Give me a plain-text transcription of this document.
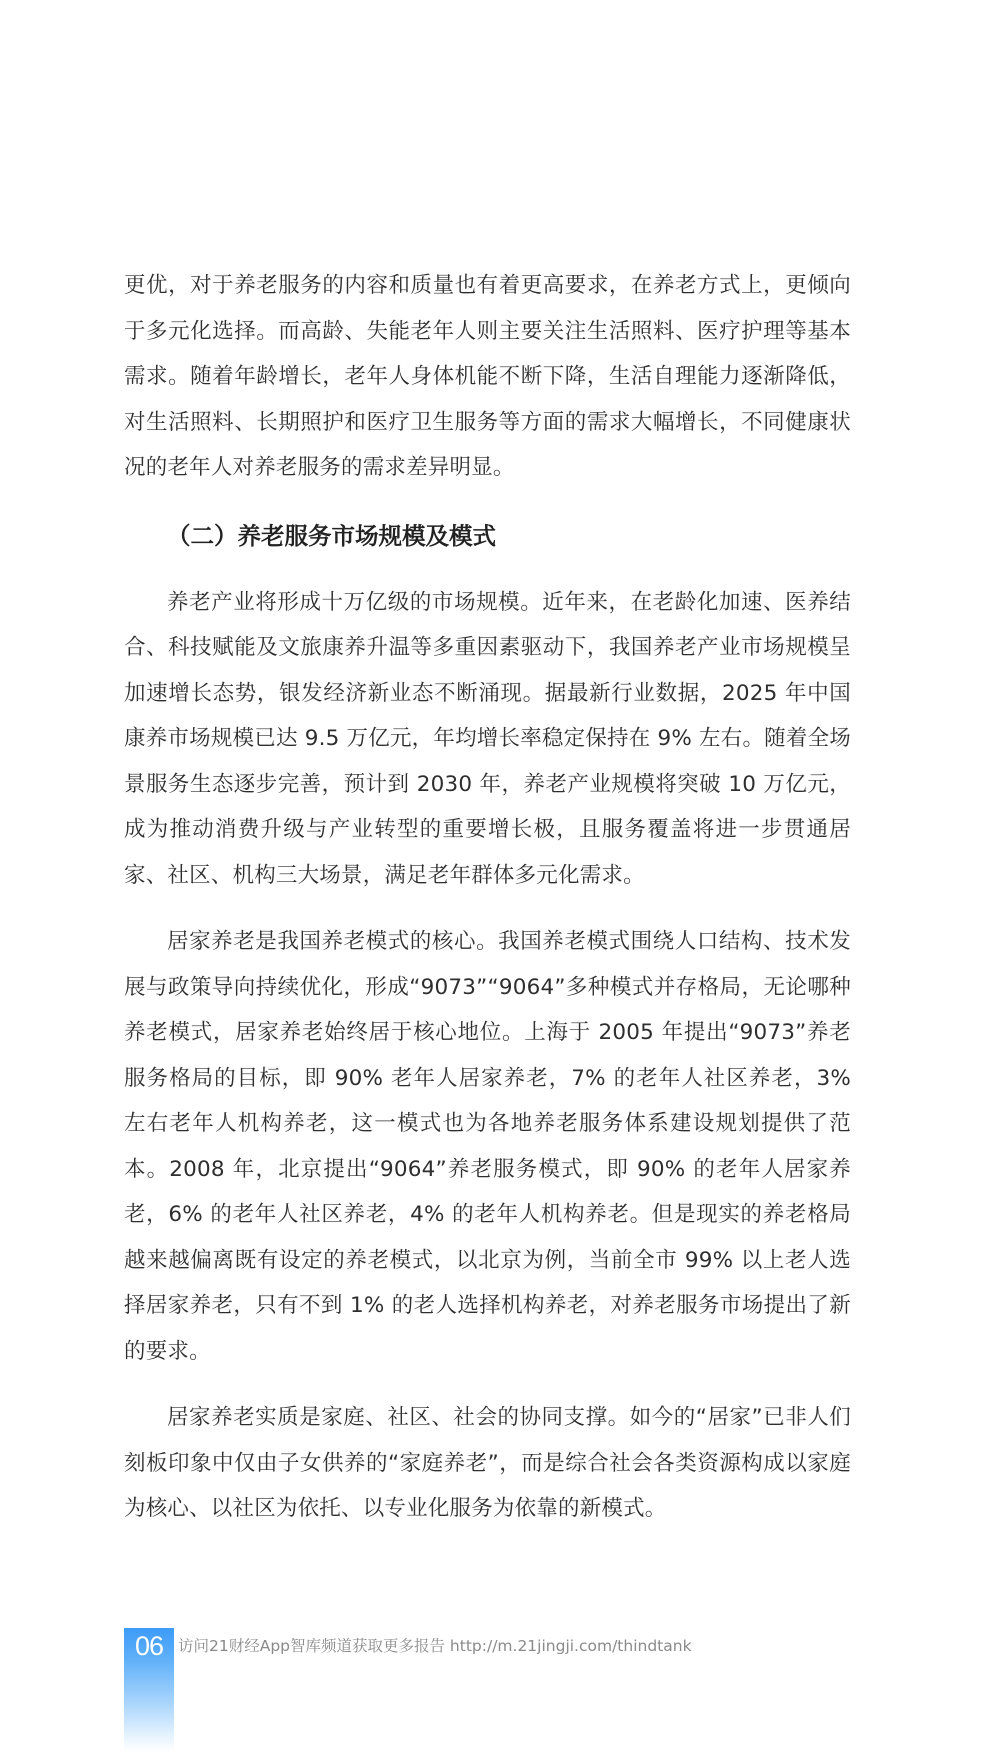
更优，对于养老服务的内容和质量也有着更高要求，在养老方式上，更倾向于多元化选择。而高龄、失能老年人则主要关注生活照料、医疗护理等基本需求。随着年龄增长，老年人身体机能不断下降，生活自理能力逐渐降低，对生活照料、长期照护和医疗卫生服务等方面的需求大幅增长，不同健康状况的老年人对养老服务的需求差异明显。

（二）养老服务市场规模及模式

养老产业将形成十万亿级的市场规模。近年来，在老龄化加速、医养结合、科技赋能及文旅康养升温等多重因素驱动下，我国养老产业市场规模呈加速增长态势，银发经济新业态不断涌现。据最新行业数据，2025 年中国康养市场规模已达 9.5 万亿元，年均增长率稳定保持在 9% 左右。随着全场景服务生态逐步完善，预计到 2030 年，养老产业规模将突破 10 万亿元，成为推动消费升级与产业转型的重要增长极，且服务覆盖将进一步贯通居家、社区、机构三大场景，满足老年群体多元化需求。

居家养老是我国养老模式的核心。我国养老模式围绕人口结构、技术发展与政策导向持续优化，形成“9073”“9064”多种模式并存格局，无论哪种养老模式，居家养老始终居于核心地位。上海于 2005 年提出“9073”养老服务格局的目标，即 90% 老年人居家养老，7% 的老年人社区养老，3% 左右老年人机构养老，这一模式也为各地养老服务体系建设规划提供了范本。2008 年，北京提出“9064”养老服务模式，即 90% 的老年人居家养老，6% 的老年人社区养老，4% 的老年人机构养老。但是现实的养老格局越来越偏离既有设定的养老模式，以北京为例，当前全市 99% 以上老人选择居家养老，只有不到 1% 的老人选择机构养老，对养老服务市场提出了新的要求。

居家养老实质是家庭、社区、社会的协同支撑。如今的“居家”已非人们刻板印象中仅由子女供养的“家庭养老”，而是综合社会各类资源构成以家庭为核心、以社区为依托、以专业化服务为依靠的新模式。

06 访问21财经App智库频道获取更多报告 http://m.21jingji.com/thindtank
